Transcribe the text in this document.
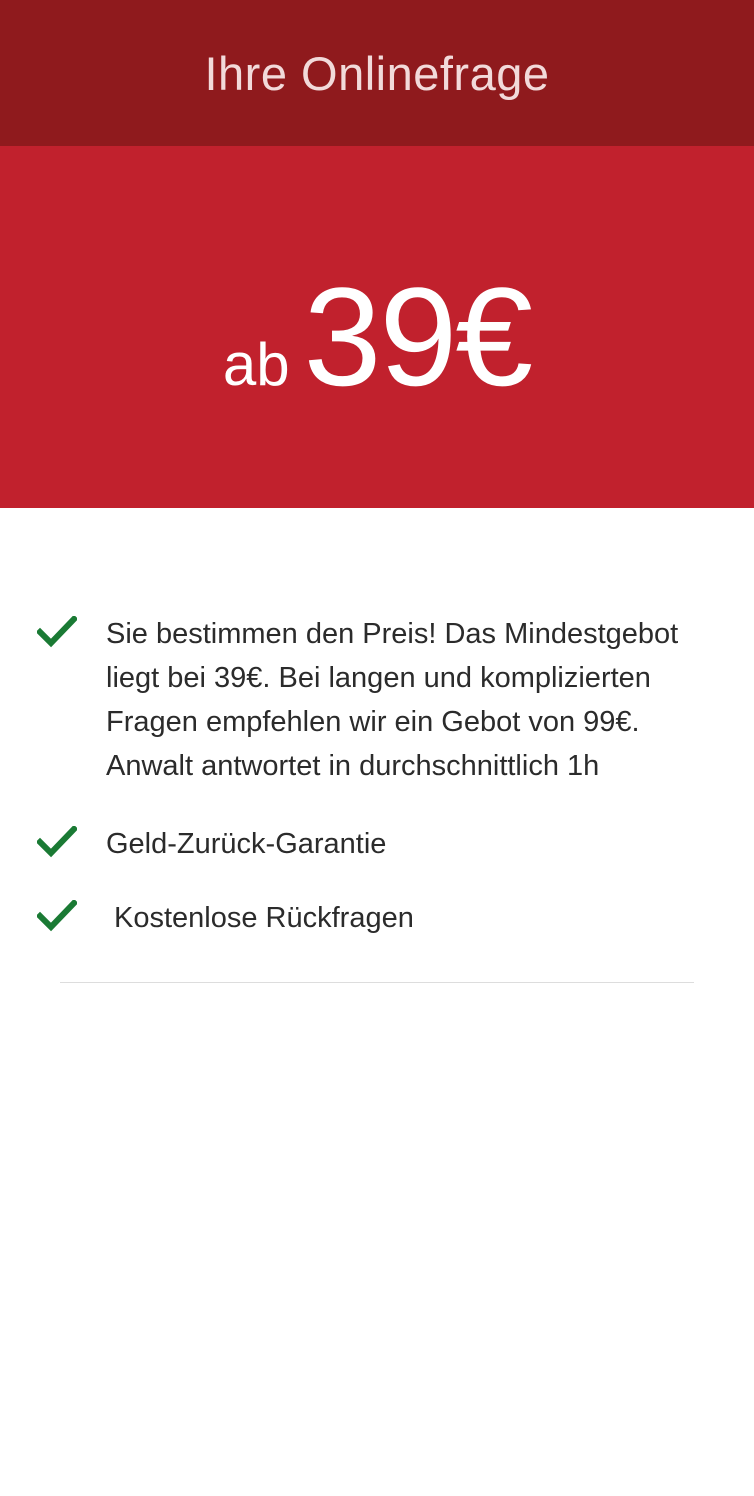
Ihre Onlinefrage
ab 39€
Sie bestimmen den Preis! Das Mindestgebot liegt bei 39€. Bei langen und komplizierten Fragen empfehlen wir ein Gebot von 99€. Anwalt antwortet in durchschnittlich 1h
Geld-Zurück-Garantie
Kostenlose Rückfragen
